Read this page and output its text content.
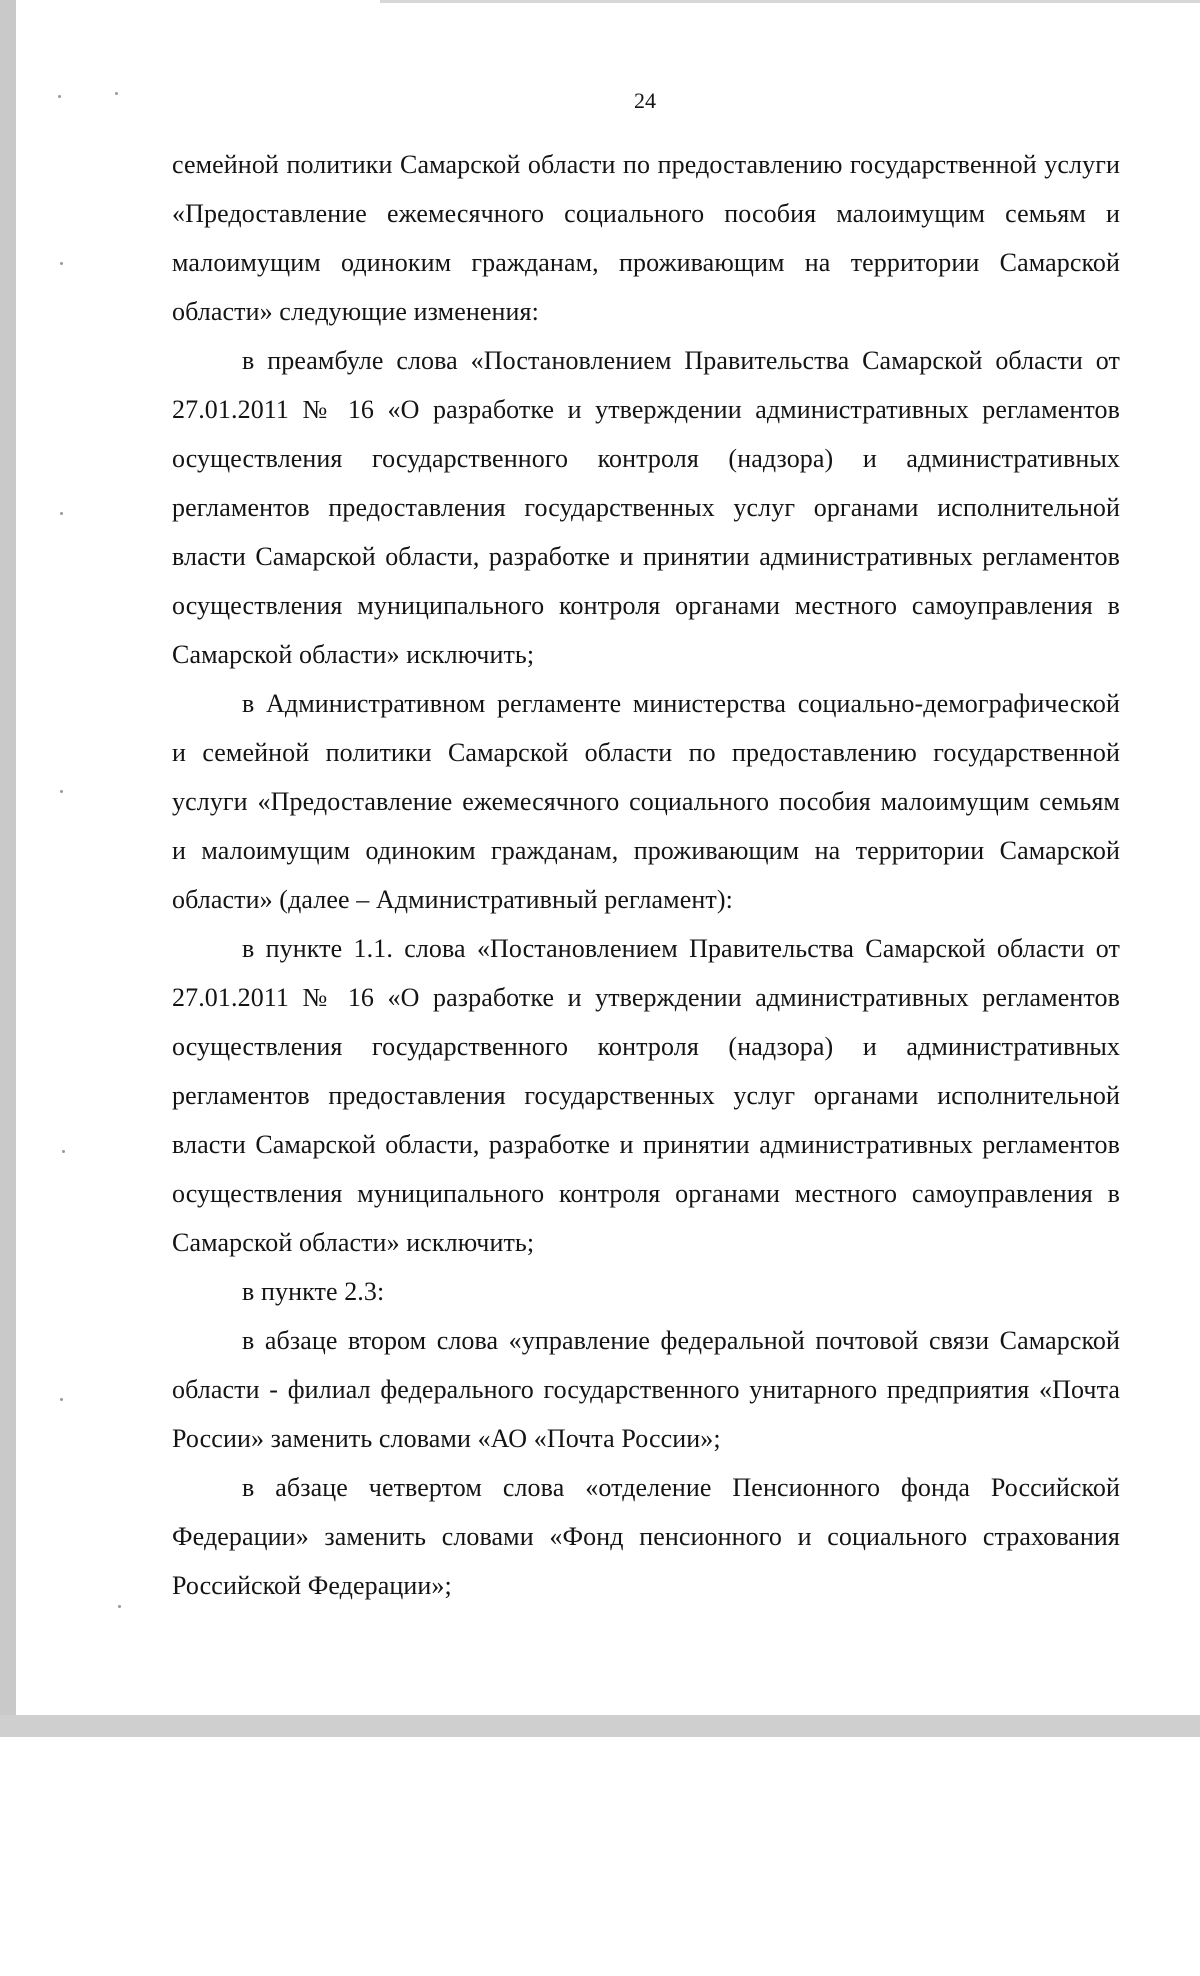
24

семейной политики Самарской области по предоставлению государственной услуги «Предоставление ежемесячного социального пособия малоимущим семьям и малоимущим одиноким гражданам, проживающим на территории Самарской области» следующие изменения:

в преамбуле слова «Постановлением Правительства Самарской области от 27.01.2011 № 16 «О разработке и утверждении административных регламентов осуществления государственного контроля (надзора) и административных регламентов предоставления государственных услуг органами исполнительной власти Самарской области, разработке и принятии административных регламентов осуществления муниципального контроля органами местного самоуправления в Самарской области» исключить;

в Административном регламенте министерства социально-демографической и семейной политики Самарской области по предоставлению государственной услуги «Предоставление ежемесячного социального пособия малоимущим семьям и малоимущим одиноким гражданам, проживающим на территории Самарской области» (далее – Административный регламент):

в пункте 1.1. слова «Постановлением Правительства Самарской области от 27.01.2011 № 16 «О разработке и утверждении административных регламентов осуществления государственного контроля (надзора) и административных регламентов предоставления государственных услуг органами исполнительной власти Самарской области, разработке и принятии административных регламентов осуществления муниципального контроля органами местного самоуправления в Самарской области» исключить;

в пункте 2.3:

в абзаце втором слова «управление федеральной почтовой связи Самарской области - филиал федерального государственного унитарного предприятия «Почта России» заменить словами «АО «Почта России»;

в абзаце четвертом слова «отделение Пенсионного фонда Российской Федерации» заменить словами «Фонд пенсионного и социального страхования Российской Федерации»;
